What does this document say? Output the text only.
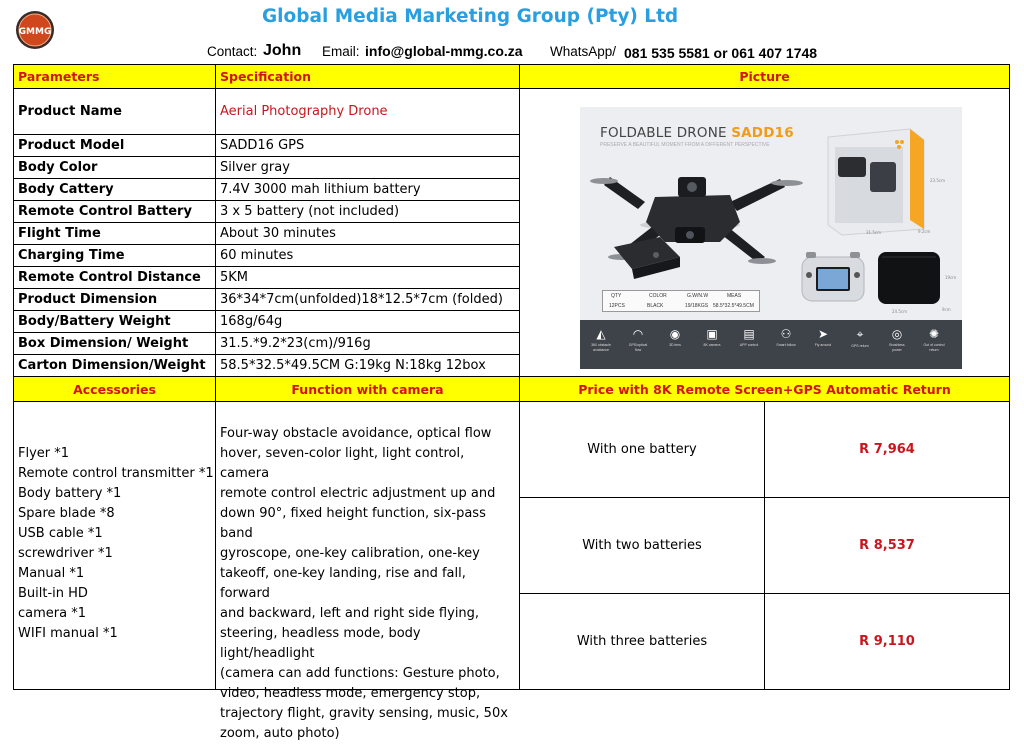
GMMG
Global Media Marketing Group (Pty) Ltd
Contact: John Email: info@global-mmg.co.za WhatsApp/ 081 535 5581 or 061 407 1748
Parameters	Specification	Picture
Product Name	Aerial Photography Drone
Product Model	SADD16 GPS
Body Color	Silver gray
Body Cattery	7.4V 3000 mah lithium battery
Remote Control Battery	3 x 5 battery (not included)
Flight Time	About 30 minutes
Charging Time	60 minutes
Remote Control Distance	5KM
Product Dimension	36*34*7cm(unfolded)18*12.5*7cm (folded)
Body/Battery Weight	168g/64g
Box Dimension/ Weight	31.5.*9.2*23(cm)/916g
Carton Dimension/Weight	58.5*32.5*49.5CM G:19kg N:18kg 12box
Accessories	Function with camera	Price with 8K Remote Screen+GPS Automatic Return
Flyer *1
Remote control transmitter *1
Body battery *1
Spare blade *8
USB cable *1
screwdriver *1
Manual *1
Built-in HD
camera *1
WIFI manual *1
Four-way obstacle avoidance, optical flow
hover, seven-color light, light control, camera
remote control electric adjustment up and
down 90°, fixed height function, six-pass band
gyroscope, one-key calibration, one-key
takeoff, one-key landing, rise and fall, forward
and backward, left and right side flying,
steering, headless mode, body light/headlight
(camera can add functions: Gesture photo,
video, headless mode, emergency stop,
trajectory flight, gravity sensing, music, 50x
zoom, auto photo)
With one battery	R 7,964
With two batteries	R 8,537
With three batteries	R 9,110
FOLDABLE DRONE SADD16
PRESERVE A BEAUTIFUL MOMENT FROM A DIFFERENT PERSPECTIVE
31.5cm
23.5cm
9.2cm
24.5cm
19cm
9cm
QTY	COLOR	G.W/N.W	MEAS
12PCS	BLACK	19/18KGS 58.5*32.5*49.5CM
◭
360 obstacle avoidance
◠
GPS/optical flow
◉
3D lens
▣
8K camera
▤
APP control
⚇
Smart follow
➤
Fly around
⌖
GPS return
◎
Brushless power
✺
Out of control return
